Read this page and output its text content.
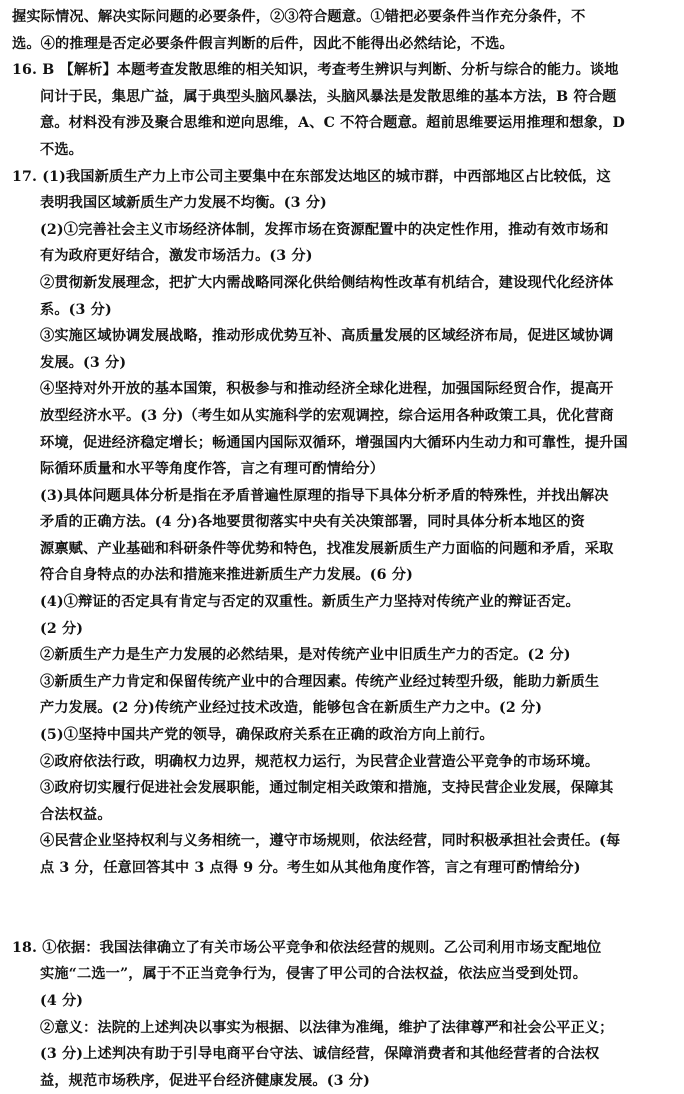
握实际情况、解决实际问题的必要条件，②③符合题意。①错把必要条件当作充分条件，不
选。④的推理是否定必要条件假言判断的后件，因此不能得出必然结论，不选。
16. B 【解析】本题考查发散思维的相关知识，考查考生辨识与判断、分析与综合的能力。谈地
问计于民，集思广益，属于典型头脑风暴法，头脑风暴法是发散思维的基本方法，B 符合题
意。材料没有涉及聚合思维和逆向思维，A、C 不符合题意。超前思维要运用推理和想象，D
不选。
17. (1)我国新质生产力上市公司主要集中在东部发达地区的城市群，中西部地区占比较低，这
表明我国区域新质生产力发展不均衡。(3 分)
(2)①完善社会主义市场经济体制，发挥市场在资源配置中的决定性作用，推动有效市场和
有为政府更好结合，激发市场活力。(3 分)
②贯彻新发展理念，把扩大内需战略同深化供给侧结构性改革有机结合，建设现代化经济体
系。(3 分)
③实施区域协调发展战略，推动形成优势互补、高质量发展的区域经济布局，促进区域协调
发展。(3 分)
④坚持对外开放的基本国策，积极参与和推动经济全球化进程，加强国际经贸合作，提高开
放型经济水平。(3 分)（考生如从实施科学的宏观调控，综合运用各种政策工具，优化营商
环境，促进经济稳定增长；畅通国内国际双循环，增强国内大循环内生动力和可靠性，提升国
际循环质量和水平等角度作答，言之有理可酌情给分）
(3)具体问题具体分析是指在矛盾普遍性原理的指导下具体分析矛盾的特殊性，并找出解决
矛盾的正确方法。(4 分)各地要贯彻落实中央有关决策部署，同时具体分析本地区的资
源禀赋、产业基础和科研条件等优势和特色，找准发展新质生产力面临的问题和矛盾，采取
符合自身特点的办法和措施来推进新质生产力发展。(6 分)
(4)①辩证的否定具有肯定与否定的双重性。新质生产力坚持对传统产业的辩证否定。
(2 分)
②新质生产力是生产力发展的必然结果，是对传统产业中旧质生产力的否定。(2 分)
③新质生产力肯定和保留传统产业中的合理因素。传统产业经过转型升级，能助力新质生
产力发展。(2 分)传统产业经过技术改造，能够包含在新质生产力之中。(2 分)
(5)①坚持中国共产党的领导，确保政府关系在正确的政治方向上前行。
②政府依法行政，明确权力边界，规范权力运行，为民营企业营造公平竞争的市场环境。
③政府切实履行促进社会发展职能，通过制定相关政策和措施，支持民营企业发展，保障其
合法权益。
④民营企业坚持权利与义务相统一，遵守市场规则，依法经营，同时积极承担社会责任。(每
点 3 分，任意回答其中 3 点得 9 分。考生如从其他角度作答，言之有理可酌情给分)
18. ①依据：我国法律确立了有关市场公平竞争和依法经营的规则。乙公司利用市场支配地位
实施“二选一”，属于不正当竞争行为，侵害了甲公司的合法权益，依法应当受到处罚。
(4 分)
②意义：法院的上述判决以事实为根据、以法律为准绳，维护了法律尊严和社会公平正义；
(3 分)上述判决有助于引导电商平台守法、诚信经营，保障消费者和其他经营者的合法权
益，规范市场秩序，促进平台经济健康发展。(3 分)
